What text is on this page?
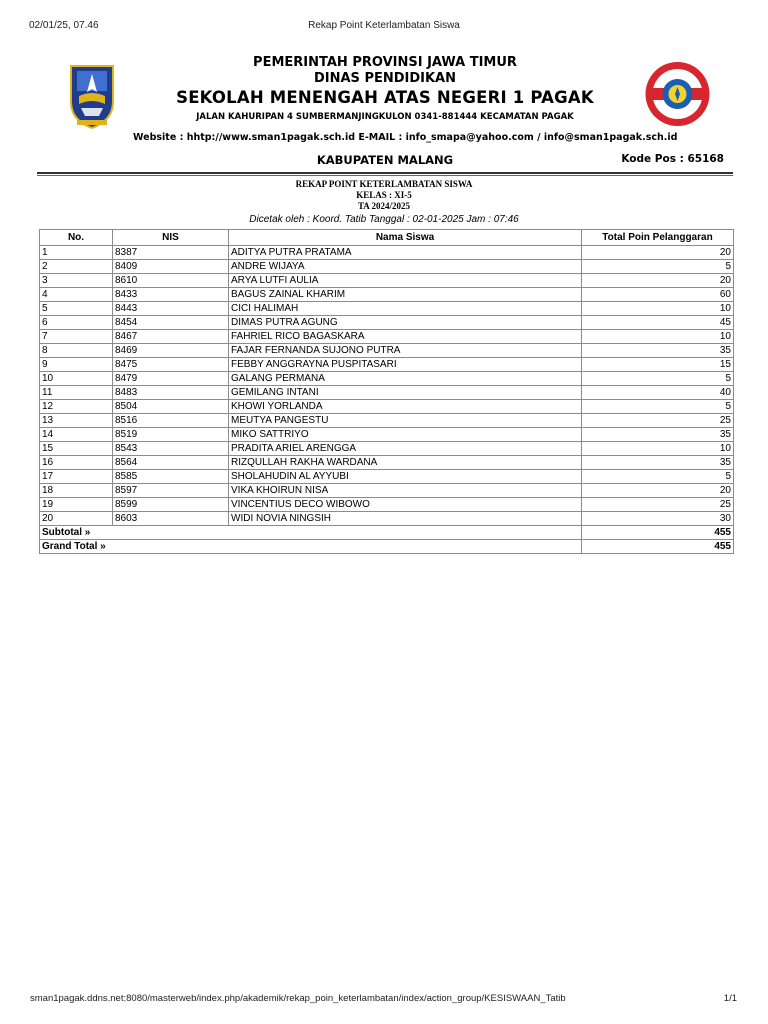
02/01/25, 07.46	Rekap Point Keterlambatan Siswa
PEMERINTAH PROVINSI JAWA TIMUR
DINAS PENDIDIKAN
SEKOLAH MENENGAH ATAS NEGERI 1 PAGAK
JALAN KAHURIPAN 4 SUMBERMANJINGKULON 0341-881444 KECAMATAN PAGAK
Website : hhtp://www.sman1pagak.sch.id E-MAIL : info_smapa@yahoo.com / info@sman1pagak.sch.id
KABUPATEN MALANG	Kode Pos : 65168
REKAP POINT KETERLAMBATAN SISWA
KELAS : XI-5
TA 2024/2025
Dicetak oleh : Koord. Tatib Tanggal : 02-01-2025 Jam : 07:46
No.	NIS	Nama Siswa	Total Poin Pelanggaran
1	8387	ADITYA PUTRA PRATAMA	20
2	8409	ANDRE WIJAYA	5
3	8610	ARYA LUTFI AULIA	20
4	8433	BAGUS ZAINAL KHARIM	60
5	8443	CICI HALIMAH	10
6	8454	DIMAS PUTRA AGUNG	45
7	8467	FAHRIEL RICO BAGASKARA	10
8	8469	FAJAR FERNANDA SUJONO PUTRA	35
9	8475	FEBBY ANGGRAYNA PUSPITASARI	15
10	8479	GALANG PERMANA	5
11	8483	GEMILANG INTANI	40
12	8504	KHOWI YORLANDA	5
13	8516	MEUTYA PANGESTU	25
14	8519	MIKO SATTRIYO	35
15	8543	PRADITA ARIEL ARENGGA	10
16	8564	RIZQULLAH RAKHA WARDANA	35
17	8585	SHOLAHUDIN AL AYYUBI	5
18	8597	VIKA KHOIRUN NISA	20
19	8599	VINCENTIUS DECO WIBOWO	25
20	8603	WIDI NOVIA NINGSIH	30
Subtotal »			455
Grand Total »			455
sman1pagak.ddns.net:8080/masterweb/index.php/akademik/rekap_poin_keterlambatan/index/action_group/KESISWAAN_Tatib	1/1
